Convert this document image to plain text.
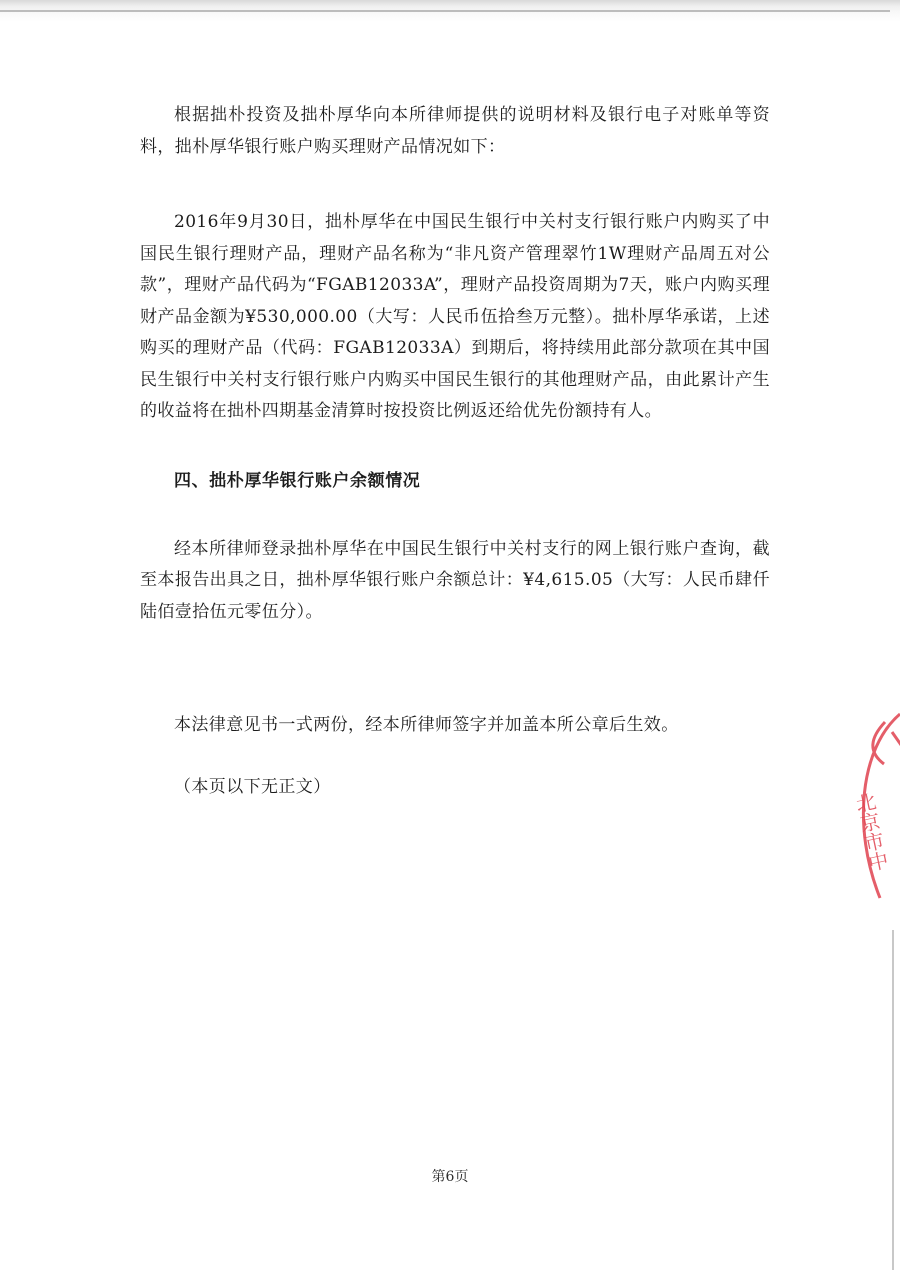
根据拙朴投资及拙朴厚华向本所律师提供的说明材料及银行电子对账单等资料，拙朴厚华银行账户购买理财产品情况如下：

2016年9月30日，拙朴厚华在中国民生银行中关村支行银行账户内购买了中国民生银行理财产品，理财产品名称为“非凡资产管理翠竹1W理财产品周五对公款”，理财产品代码为“FGAB12033A”，理财产品投资周期为7天，账户内购买理财产品金额为¥530,000.00（大写：人民币伍拾叁万元整）。拙朴厚华承诺，上述购买的理财产品（代码：FGAB12033A）到期后，将持续用此部分款项在其中国民生银行中关村支行银行账户内购买中国民生银行的其他理财产品，由此累计产生的收益将在拙朴四期基金清算时按投资比例返还给优先份额持有人。

四、拙朴厚华银行账户余额情况

经本所律师登录拙朴厚华在中国民生银行中关村支行的网上银行账户查询，截至本报告出具之日，拙朴厚华银行账户余额总计：¥4,615.05（大写：人民币肆仟陆佰壹拾伍元零伍分）。

本法律意见书一式两份，经本所律师签字并加盖本所公章后生效。

（本页以下无正文）

北京市中
第6页
